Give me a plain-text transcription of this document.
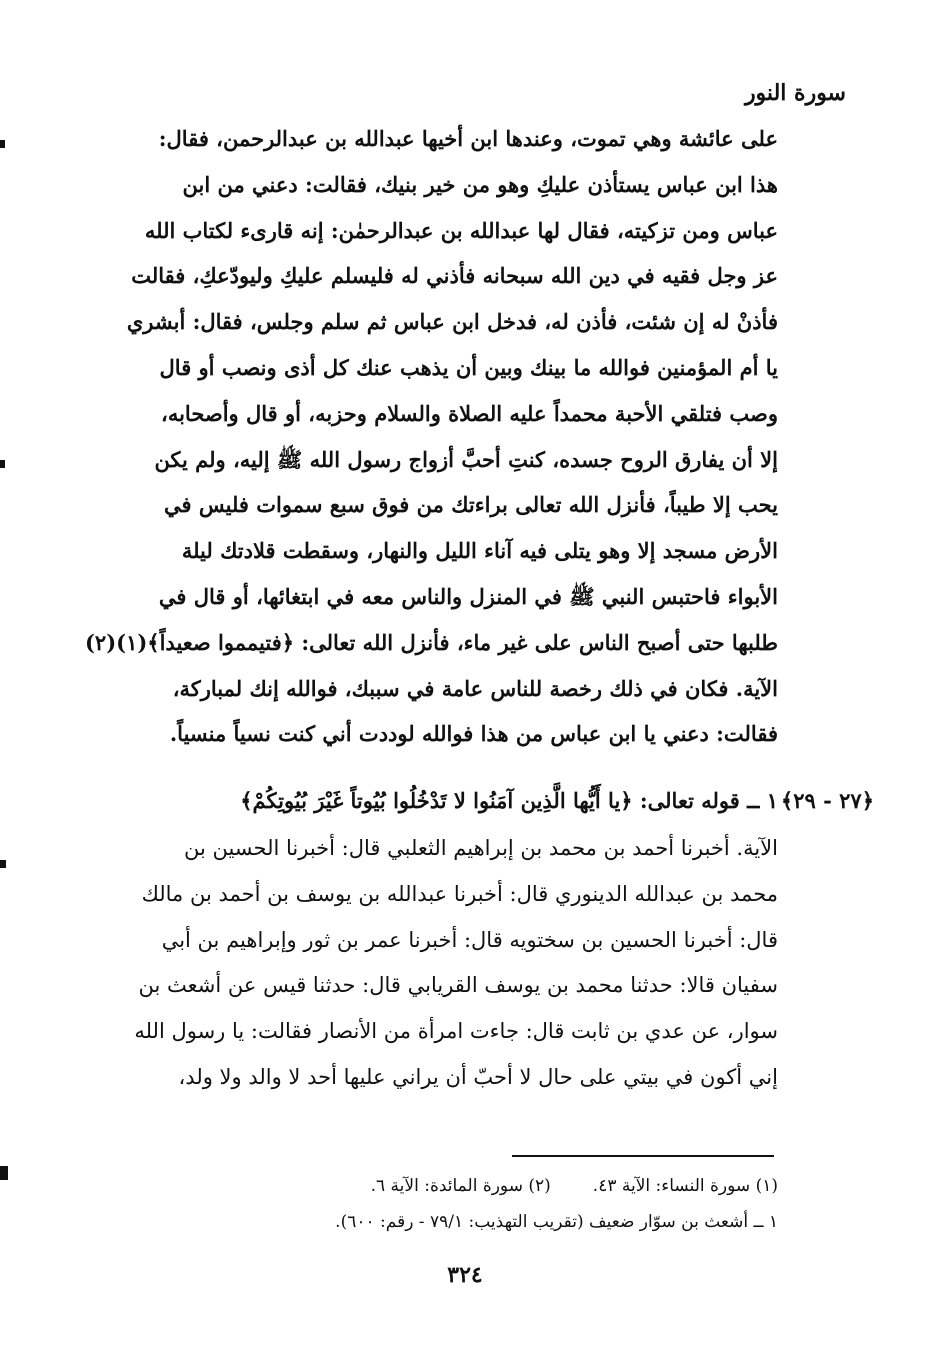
سورة النور
على عائشة وهي تموت، وعندها ابن أخيها عبدالله بن عبدالرحمن، فقال:
هذا ابن عباس يستأذن عليكِ وهو من خير بنيك، فقالت: دعني من ابن
عباس ومن تزكيته، فقال لها عبدالله بن عبدالرحمٰن: إنه قارىء لكتاب الله
عز وجل فقيه في دين الله سبحانه فأذني له فليسلم عليكِ وليودّعكِ، فقالت
فأذنْ له إن شئت، فأذن له، فدخل ابن عباس ثم سلم وجلس، فقال: أبشري
يا أم المؤمنين فوالله ما بينك وبين أن يذهب عنك كل أذى ونصب أو قال
وصب فتلقي الأحبة محمداً عليه الصلاة والسلام وحزبه، أو قال وأصحابه،
إلا أن يفارق الروح جسده، كنتِ أحبَّ أزواج رسول الله ﷺ إليه، ولم يكن
يحب إلا طيباً، فأنزل الله تعالى براءتك من فوق سبع سموات فليس في
الأرض مسجد إلا وهو يتلى فيه آناء الليل والنهار، وسقطت قلادتك ليلة
الأبواء فاحتبس النبي ﷺ في المنزل والناس معه في ابتغائها، أو قال في
طلبها حتى أصبح الناس على غير ماء، فأنزل الله تعالى: ﴿فتيمموا صعيداً﴾(١)(٢)
الآية. فكان في ذلك رخصة للناس عامة في سببك، فوالله إنك لمباركة،
فقالت: دعني يا ابن عباس من هذا فوالله لوددت أني كنت نسياً منسياً.
﴿٢٧ - ٢٩﴾
١ ــ قوله تعالى: ﴿يا أَيُّها الَّذِين آمَنُوا لا تَدْخُلُوا بُيُوتاً غَيْرَ بُيُوتِكُمْ﴾
الآية. أخبرنا أحمد بن محمد بن إبراهيم الثعلبي قال: أخبرنا الحسين بن
محمد بن عبدالله الدينوري قال: أخبرنا عبدالله بن يوسف بن أحمد بن مالك
قال: أخبرنا الحسين بن سختويه قال: أخبرنا عمر بن ثور وإبراهيم بن أبي
سفيان قالا: حدثنا محمد بن يوسف القريابي قال: حدثنا قيس عن أشعث بن
سوار، عن عدي بن ثابت قال: جاءت امرأة من الأنصار فقالت: يا رسول الله
إني أكون في بيتي على حال لا أحبّ أن يراني عليها أحد لا والد ولا ولد،
(١) سورة النساء: الآية ٤٣.(٢) سورة المائدة: الآية ٦.
١ ــ أشعث بن سوّار ضعيف (تقريب التهذيب: ٧٩/١ - رقم: ٦٠٠).
٣٢٤
